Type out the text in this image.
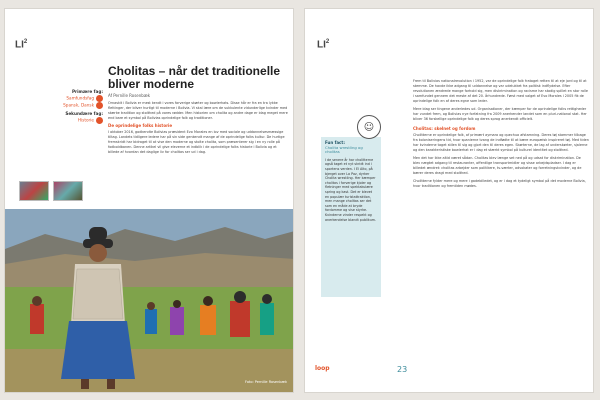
$LI^2$
Cholitas – når det traditionelle bliver moderne
Af Pernille Rosenbæk
Primære fag:
Samfundsfag
Spansk, Dansk
Sekundære fag:
Historie
Ornaskit i Bolivia er mest kendt i vores farverige skørter og bowlerhats. Disse hår er fra en tra lykke flettinger, der bliver hurtigt til moderne i Bolivia. Vi skal lære om de sukkulente vidunderlige kvinder med stærke tradition og stolthed på vores rødder. Men historien om cholita og andre dage er idag meget mere end bare et symbol på Bolivias oprindelige folk og traditioner.
De oprindelige folks historie
I oktober 2016, godkendte Bolivias præsident Evo Morales en lov med sociale og uddannelsesmæssige tiltag. Landets tidligere ledere har på sin side genkendt mange af de oprindelige folks kultur. De hurtige fremskridt har bidraget til at vise den moderne og stolte cholita, som præsenterer sig i en ny rolle på fodboldbanen. Denne artikel vil give eleverne et indblik i de oprindelige folks historie i Bolivia og et billede af hvordan det daglige liv for cholitas ser ud i dag.
Foto: Pernille Rosenbæk
$LI^2$
Fun fact:
Cholita wrestling og cholitas
I de senere år har cholitterne også taget et nyt skridt ind i sportens verden. I El Alto, på bjerget over La Paz, dyrker Cholita wrestling. Her kæmper cholitas i farverige kjoler og fletninger med spektakulære spring og kast. Det er blevet en populær turistattraktion, men mange cholitas ser det som en måde at bryde fordomme og vise styrke. Kvinderne vinder respekt og anerkendelse blandt publikum.
☺
Frem til Bolivias nationalrevolution i 1952, var de oprindelige folk frataget retten til at eje jord og til at stemme. De havde ikke adgang til uddannelse og var udelukket fra politisk indflydelse. Efter revolutionen ændrede mange forhold sig, men diskrimination og racisme har stadig spillet en stor rolle i samfundet gennem det meste af det 20. århundrede. Først med valget af Evo Morales i 2005 fik de oprindelige folk en af deres egne som leder.
Mere idag ser tingene anderledes ud. Organisationer, der kæmper for de oprindelige folks rettigheder har vundet frem, og Bolivias nye forfatning fra 2009 anerkender landet som en pluri-national stat. Her bliver 36 forskellige oprindelige folk og deres sprog anerkendt officielt.
Cholitas: skelnet og fordom
Cholitterne er oprindelige folk, af primært aymara og quechua afstamning. Deres tøj stammer tilbage fra koloniseringens tid, hvor spanierne tvang de indfødte til at bære europæisk inspireret tøj. Med tiden har kvinderne taget stilen til sig og gjort den til deres egen. Skørterne, de lag af underskørter, sjalerne og den karakteristiske bowlerhat er i dag et stærkt symbol på kulturel identitet og stolthed.
Men det har ikke altid været sådan. Cholitas blev længe set ned på og udsat for diskrimination. De blev nægtet adgang til restauranter, offentlige transportmidler og visse arbejdspladser. I dag er billedet ændret: cholitas arbejder som politikere, tv-værter, advokater og forretningskvinder, og de bærer deres dragt med stolthed.
Cholitterne fylder mere og mere i gadebilledet, og er i dag et tydeligt symbol på det moderne Bolivia, hvor traditionen og fremtiden mødes.
loop	23
